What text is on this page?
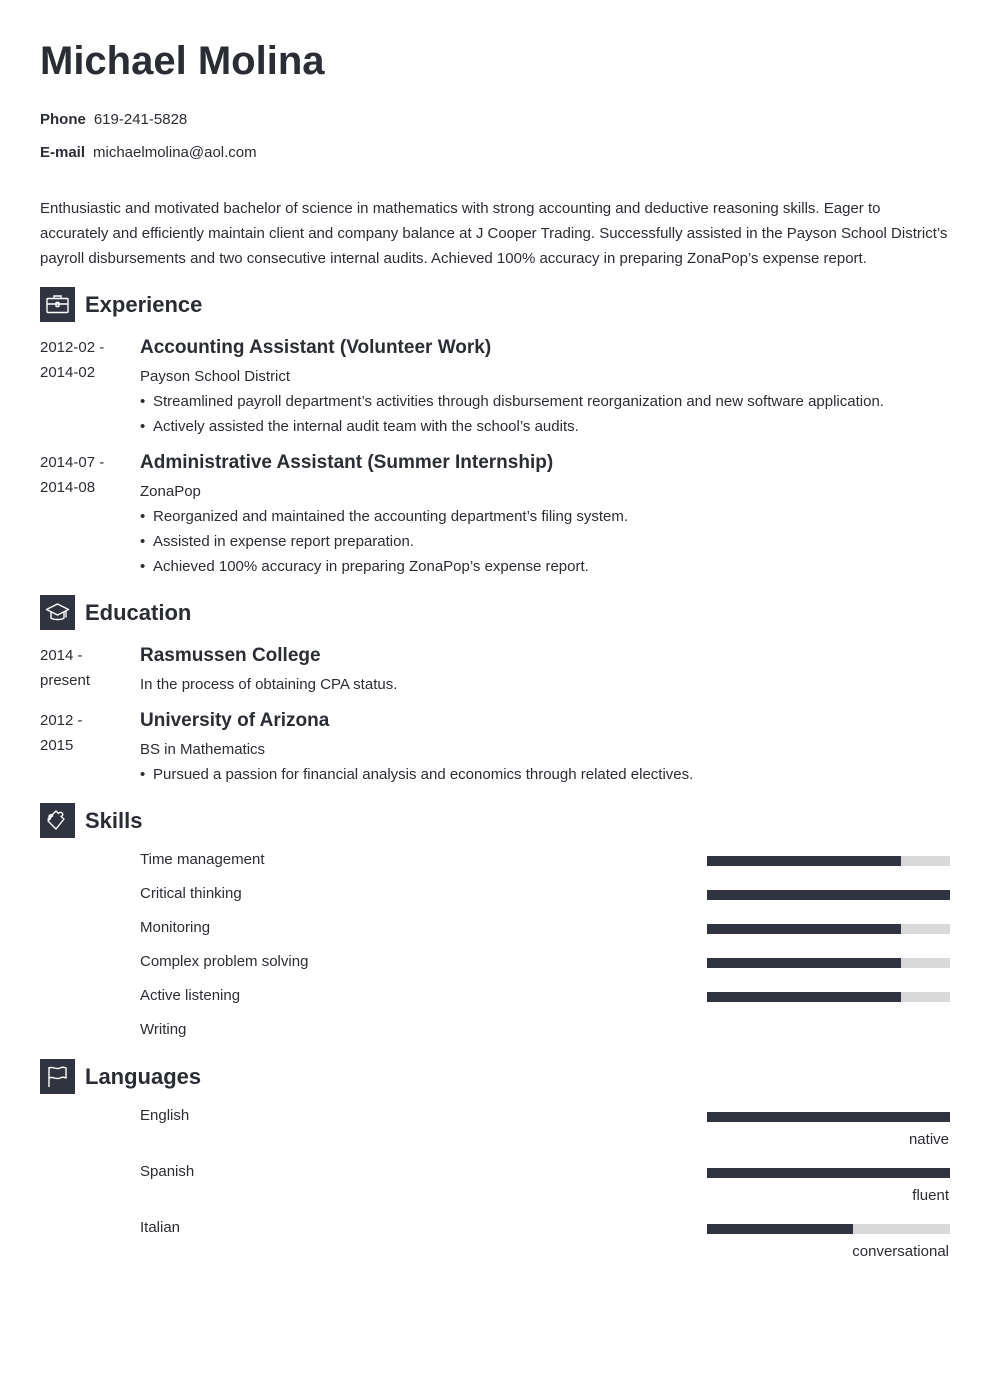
Michael Molina
Phone 619-241-5828
E-mail michaelmolina@aol.com

Enthusiastic and motivated bachelor of science in mathematics with strong accounting and deductive reasoning skills. Eager to accurately and efficiently maintain client and company balance at J Cooper Trading. Successfully assisted in the Payson School District’s payroll disbursements and two consecutive internal audits. Achieved 100% accuracy in preparing ZonaPop’s expense report.

Experience
2012-02 -
2014-02
Accounting Assistant (Volunteer Work)
Payson School District
• Streamlined payroll department’s activities through disbursement reorganization and new software application.
• Actively assisted the internal audit team with the school’s audits.
2014-07 -
2014-08
Administrative Assistant (Summer Internship)
ZonaPop
• Reorganized and maintained the accounting department’s filing system.
• Assisted in expense report preparation.
• Achieved 100% accuracy in preparing ZonaPop’s expense report.
Education
2014 -
present
Rasmussen College
In the process of obtaining CPA status.
2012 -
2015
University of Arizona
BS in Mathematics
• Pursued a passion for financial analysis and economics through related electives.
Skills
Time management
Critical thinking
Monitoring
Complex problem solving
Active listening
Writing
Languages
English
native
Spanish
fluent
Italian
conversational
